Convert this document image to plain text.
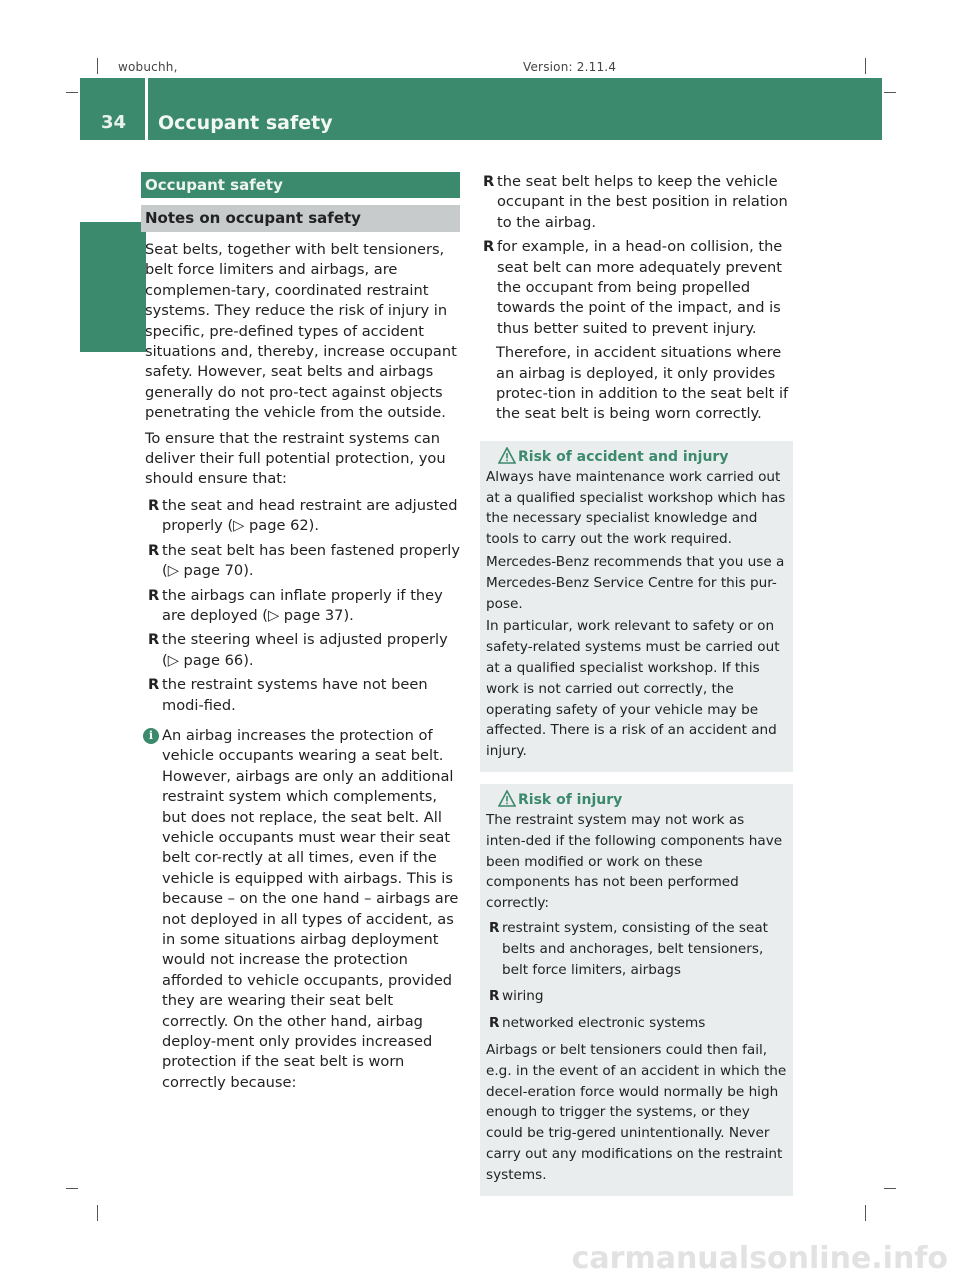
wobuchh,	Version: 2.11.4
34 Occupant safety
Safety
Occupant safety
Notes on occupant safety

Seat belts, together with belt tensioners, belt force limiters and airbags, are complemen-tary, coordinated restraint systems. They reduce the risk of injury in specific, pre-defined types of accident situations and, thereby, increase occupant safety. However, seat belts and airbags generally do not pro-tect against objects penetrating the vehicle from the outside.

To ensure that the restraint systems can deliver their full potential protection, you should ensure that:

R the seat and head restraint are adjusted properly (▷ page 62).
R the seat belt has been fastened properly (▷ page 70).
R the airbags can inflate properly if they are deployed (▷ page 37).
R the steering wheel is adjusted properly (▷ page 66).
R the restraint systems have not been modi-fied.
i An airbag increases the protection of vehicle occupants wearing a seat belt. However, airbags are only an additional restraint system which complements, but does not replace, the seat belt. All vehicle occupants must wear their seat belt cor-rectly at all times, even if the vehicle is equipped with airbags. This is because – on the one hand – airbags are not deployed in all types of accident, as in some situations airbag deployment would not increase the protection afforded to vehicle occupants, provided they are wearing their seat belt correctly. On the other hand, airbag deploy-ment only provides increased protection if the seat belt is worn correctly because:

R the seat belt helps to keep the vehicle occupant in the best position in relation to the airbag.
R for example, in a head-on collision, the seat belt can more adequately prevent the occupant from being propelled towards the point of the impact, and is thus better suited to prevent injury.

Therefore, in accident situations where an airbag is deployed, it only provides protec-tion in addition to the seat belt if the seat belt is being worn correctly.

Risk of accident and injury

Always have maintenance work carried out at a qualified specialist workshop which has the necessary specialist knowledge and tools to carry out the work required.

Mercedes-Benz recommends that you use a Mercedes-Benz Service Centre for this pur-pose.

In particular, work relevant to safety or on safety-related systems must be carried out at a qualified specialist workshop. If this work is not carried out correctly, the operating safety of your vehicle may be affected. There is a risk of an accident and injury.

Risk of injury

The restraint system may not work as inten-ded if the following components have been modified or work on these components has not been performed correctly:

R restraint system, consisting of the seat belts and anchorages, belt tensioners, belt force limiters, airbags
R wiring
R networked electronic systems

Airbags or belt tensioners could then fail, e.g. in the event of an accident in which the decel-eration force would normally be high enough to trigger the systems, or they could be trig-gered unintentionally. Never carry out any modifications on the restraint systems.

carmanualsonline.info
